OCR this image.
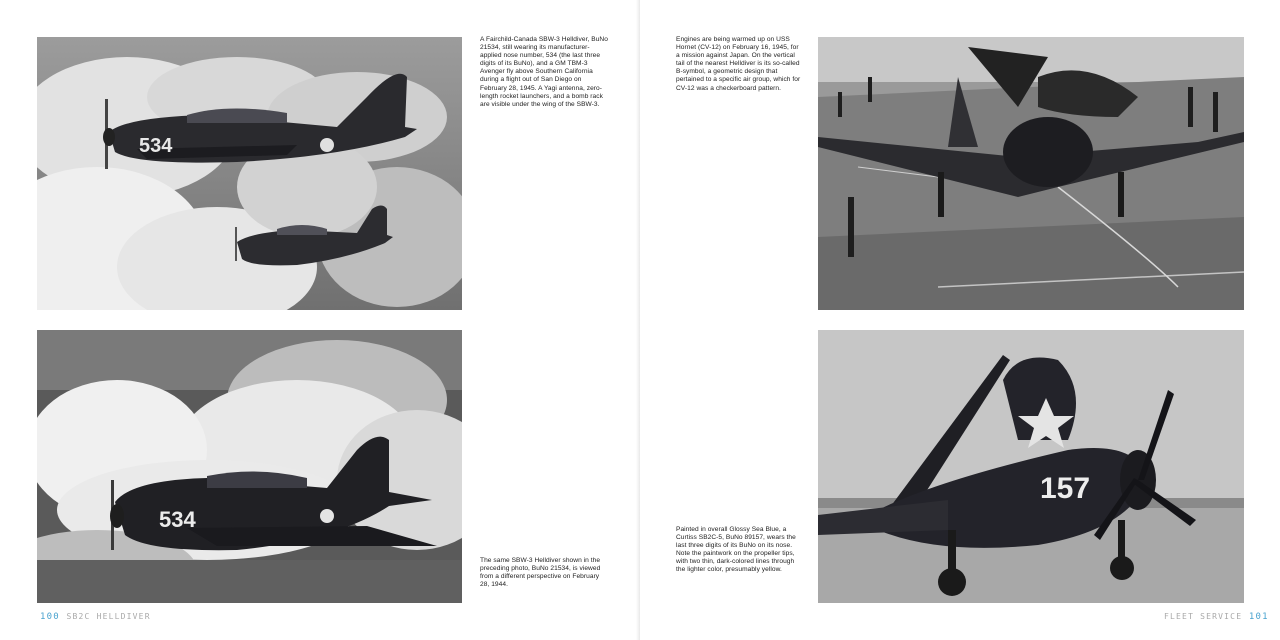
534
A Fairchild-Canada SBW-3 Helldiver, BuNo 21534, still wearing its manufacturer-applied nose number, 534 (the last three digits of its BuNo), and a GM TBM-3 Avenger fly above Southern California during a flight out of San Diego on February 28, 1945. A Yagi antenna, zero-length rocket launchers, and a bomb rack are visible under the wing of the SBW-3.
534
The same SBW-3 Helldiver shown in the preceding photo, BuNo 21534, is viewed from a different perspective on February 28, 1944.
100 SB2C HELLDIVER
Engines are being warmed up on USS Hornet (CV-12) on February 16, 1945, for a mission against Japan. On the vertical tail of the nearest Helldiver is its so-called B-symbol, a geometric design that pertained to a specific air group, which for CV-12 was a checkerboard pattern.
Painted in overall Glossy Sea Blue, a Curtiss SB2C-5, BuNo 89157, wears the last three digits of its BuNo on its nose. Note the paintwork on the propeller tips, with two thin, dark-colored lines through the lighter color, presumably yellow.
157
FLEET SERVICE 101
